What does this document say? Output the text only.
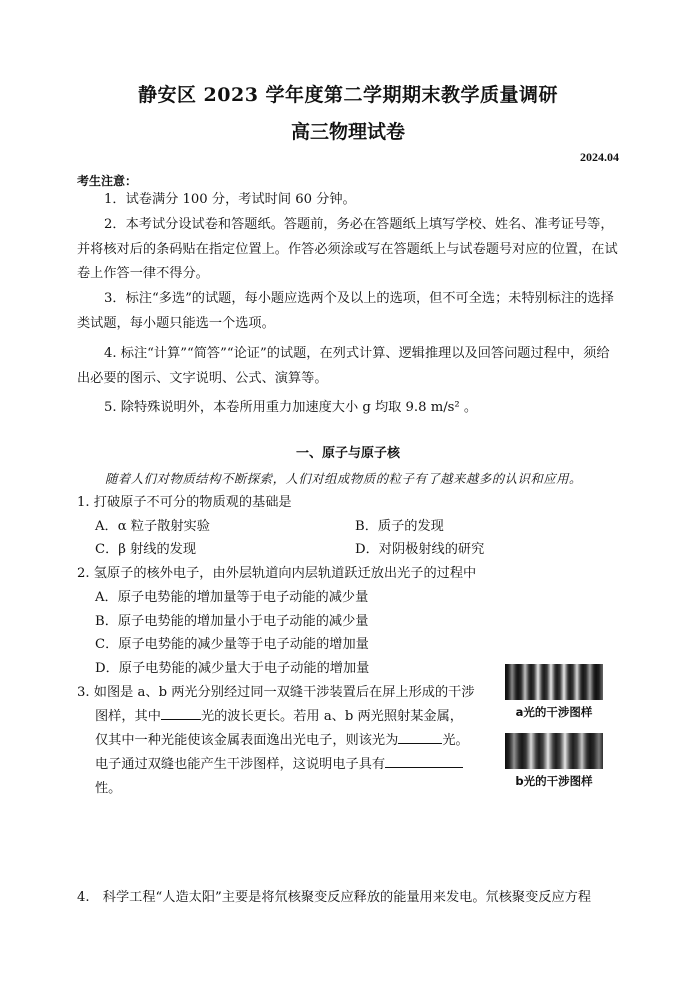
静安区 2023 学年度第二学期期末教学质量调研
高三物理试卷
2024.04
考生注意：
1．试卷满分 100 分，考试时间 60 分钟。
2．本考试分设试卷和答题纸。答题前，务必在答题纸上填写学校、姓名、准考证号等，并将核对后的条码贴在指定位置上。作答必须涂或写在答题纸上与试卷题号对应的位置，在试卷上作答一律不得分。
3．标注“多选”的试题，每小题应选两个及以上的选项，但不可全选；未特别标注的选择类试题，每小题只能选一个选项。
4. 标注“计算”“简答”“论证”的试题，在列式计算、逻辑推理以及回答问题过程中，须给出必要的图示、文字说明、公式、演算等。
5. 除特殊说明外，本卷所用重力加速度大小 g 均取 9.8 m/s² 。
一、原子与原子核
随着人们对物质结构不断探索，人们对组成物质的粒子有了越来越多的认识和应用。
1. 打破原子不可分的物质观的基础是
A．α 粒子散射实验	B．质子的发现
C．β 射线的发现	D．对阴极射线的研究
2. 氢原子的核外电子，由外层轨道向内层轨道跃迁放出光子的过程中
A．原子电势能的增加量等于电子动能的减少量
B．原子电势能的增加量小于电子动能的减少量
C．原子电势能的减少量等于电子动能的增加量
D．原子电势能的减少量大于电子动能的增加量
3. 如图是 a、b 两光分别经过同一双缝干涉装置后在屏上形成的干涉
图样，其中	光的波长更长。若用 a、b 两光照射某金属，
仅其中一种光能使该金属表面逸出光电子，则该光为	光。
电子通过双缝也能产生干涉图样，这说明电子具有
性。
a光的干涉图样
b光的干涉图样
4.　科学工程“人造太阳”主要是将氘核聚变反应释放的能量用来发电。氘核聚变反应方程
